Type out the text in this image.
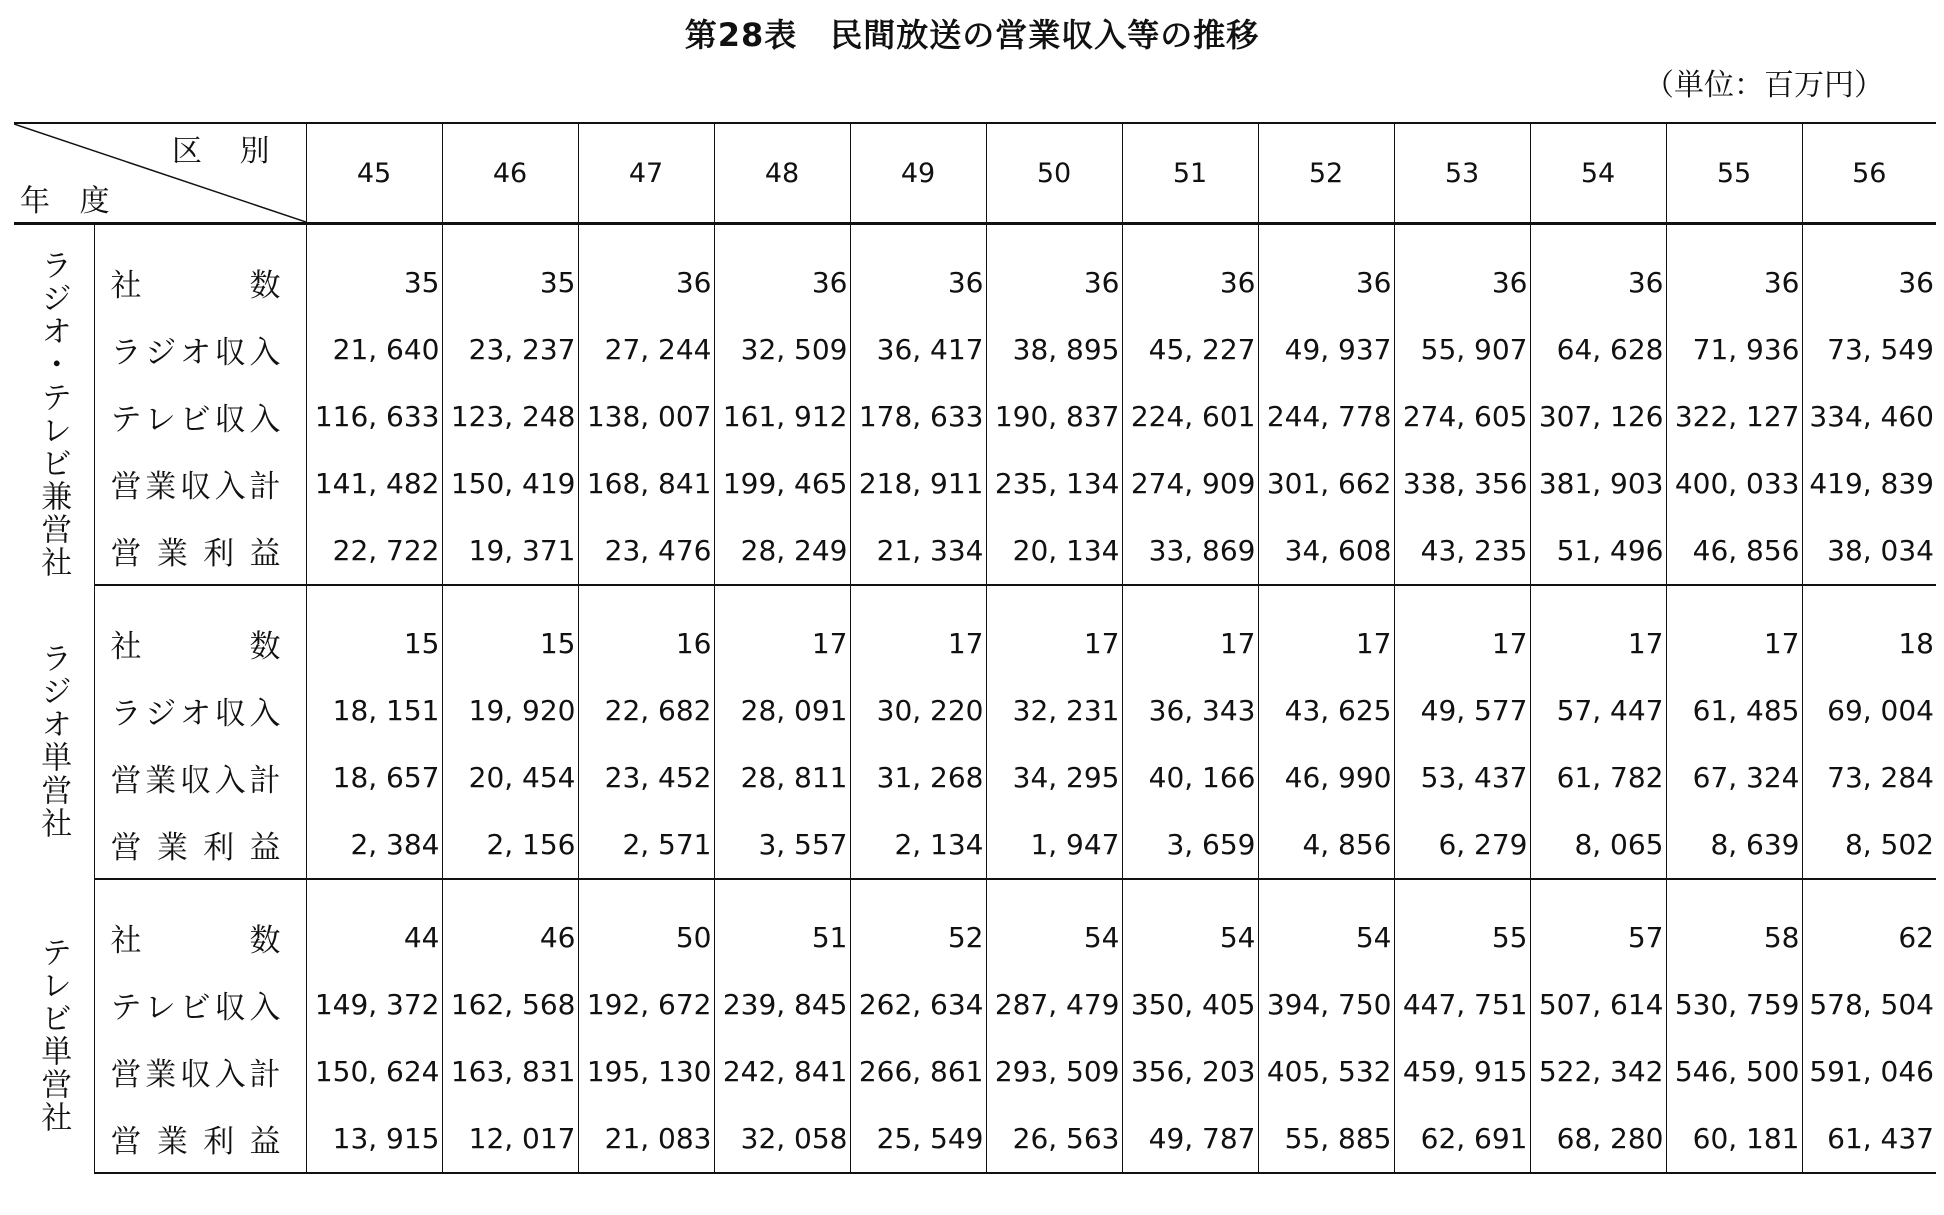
第28表　民間放送の営業収入等の推移
（単位：百万円）
区 別
年 度		45	46	47	48	49	50	51	52	53	54	55	56
ラジオ・テレビ兼営社	社　　数	35	35	36	36	36	36	36	36	36	36	36	36
	ラジオ収入	21, 640	23, 237	27, 244	32, 509	36, 417	38, 895	45, 227	49, 937	55, 907	64, 628	71, 936	73, 549
	テレビ収入	116, 633	123, 248	138, 007	161, 912	178, 633	190, 837	224, 601	244, 778	274, 605	307, 126	322, 127	334, 460
	営業収入計	141, 482	150, 419	168, 841	199, 465	218, 911	235, 134	274, 909	301, 662	338, 356	381, 903	400, 033	419, 839
	営業利益	22, 722	19, 371	23, 476	28, 249	21, 334	20, 134	33, 869	34, 608	43, 235	51, 496	46, 856	38, 034
ラジオ単営社	社　　数	15	15	16	17	17	17	17	17	17	17	17	18
	ラジオ収入	18, 151	19, 920	22, 682	28, 091	30, 220	32, 231	36, 343	43, 625	49, 577	57, 447	61, 485	69, 004
	営業収入計	18, 657	20, 454	23, 452	28, 811	31, 268	34, 295	40, 166	46, 990	53, 437	61, 782	67, 324	73, 284
	営業利益	2, 384	2, 156	2, 571	3, 557	2, 134	1, 947	3, 659	4, 856	6, 279	8, 065	8, 639	8, 502
テレビ単営社	社　　数	44	46	50	51	52	54	54	54	55	57	58	62
	テレビ収入	149, 372	162, 568	192, 672	239, 845	262, 634	287, 479	350, 405	394, 750	447, 751	507, 614	530, 759	578, 504
	営業収入計	150, 624	163, 831	195, 130	242, 841	266, 861	293, 509	356, 203	405, 532	459, 915	522, 342	546, 500	591, 046
	営業利益	13, 915	12, 017	21, 083	32, 058	25, 549	26, 563	49, 787	55, 885	62, 691	68, 280	60, 181	61, 437
